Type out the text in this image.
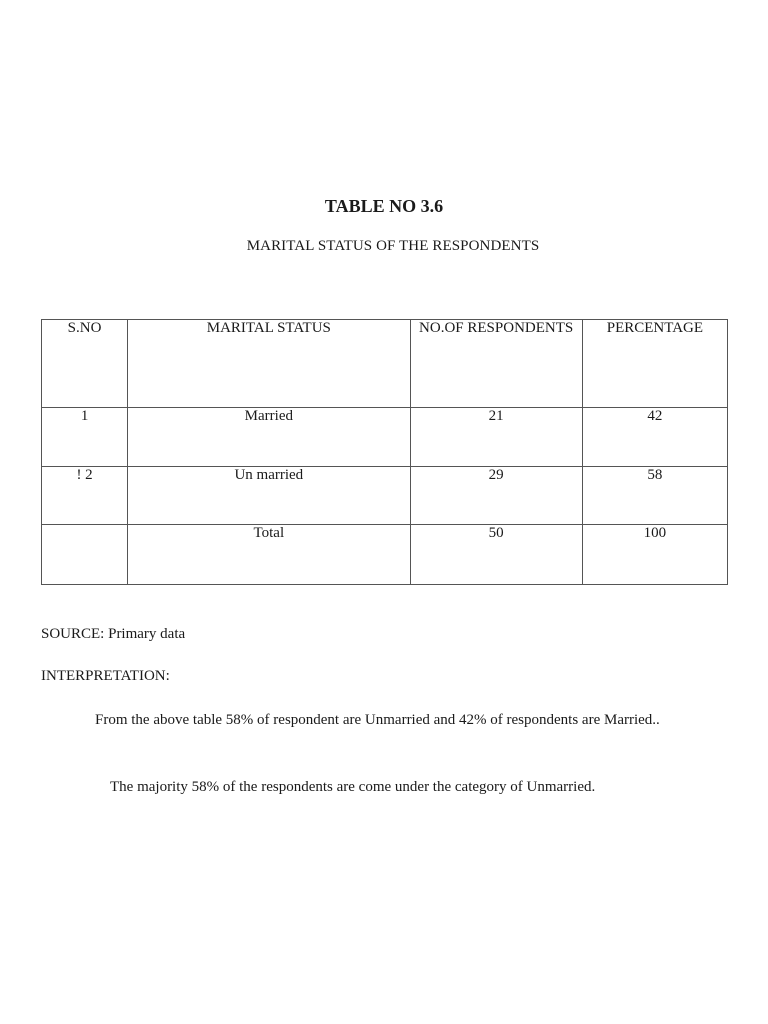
TABLE NO 3.6
MARITAL STATUS OF THE RESPONDENTS
S.NO	MARITAL STATUS	NO.OF RESPONDENTS	PERCENTAGE

1	Married	21	42

! 2	Un married	29	58

	Total	50	100
SOURCE: Primary data
INTERPRETATION:

From the above table 58% of respondent are Unmarried and 42% of respondents are Married..

The majority 58% of the respondents are come under the category of Unmarried.
